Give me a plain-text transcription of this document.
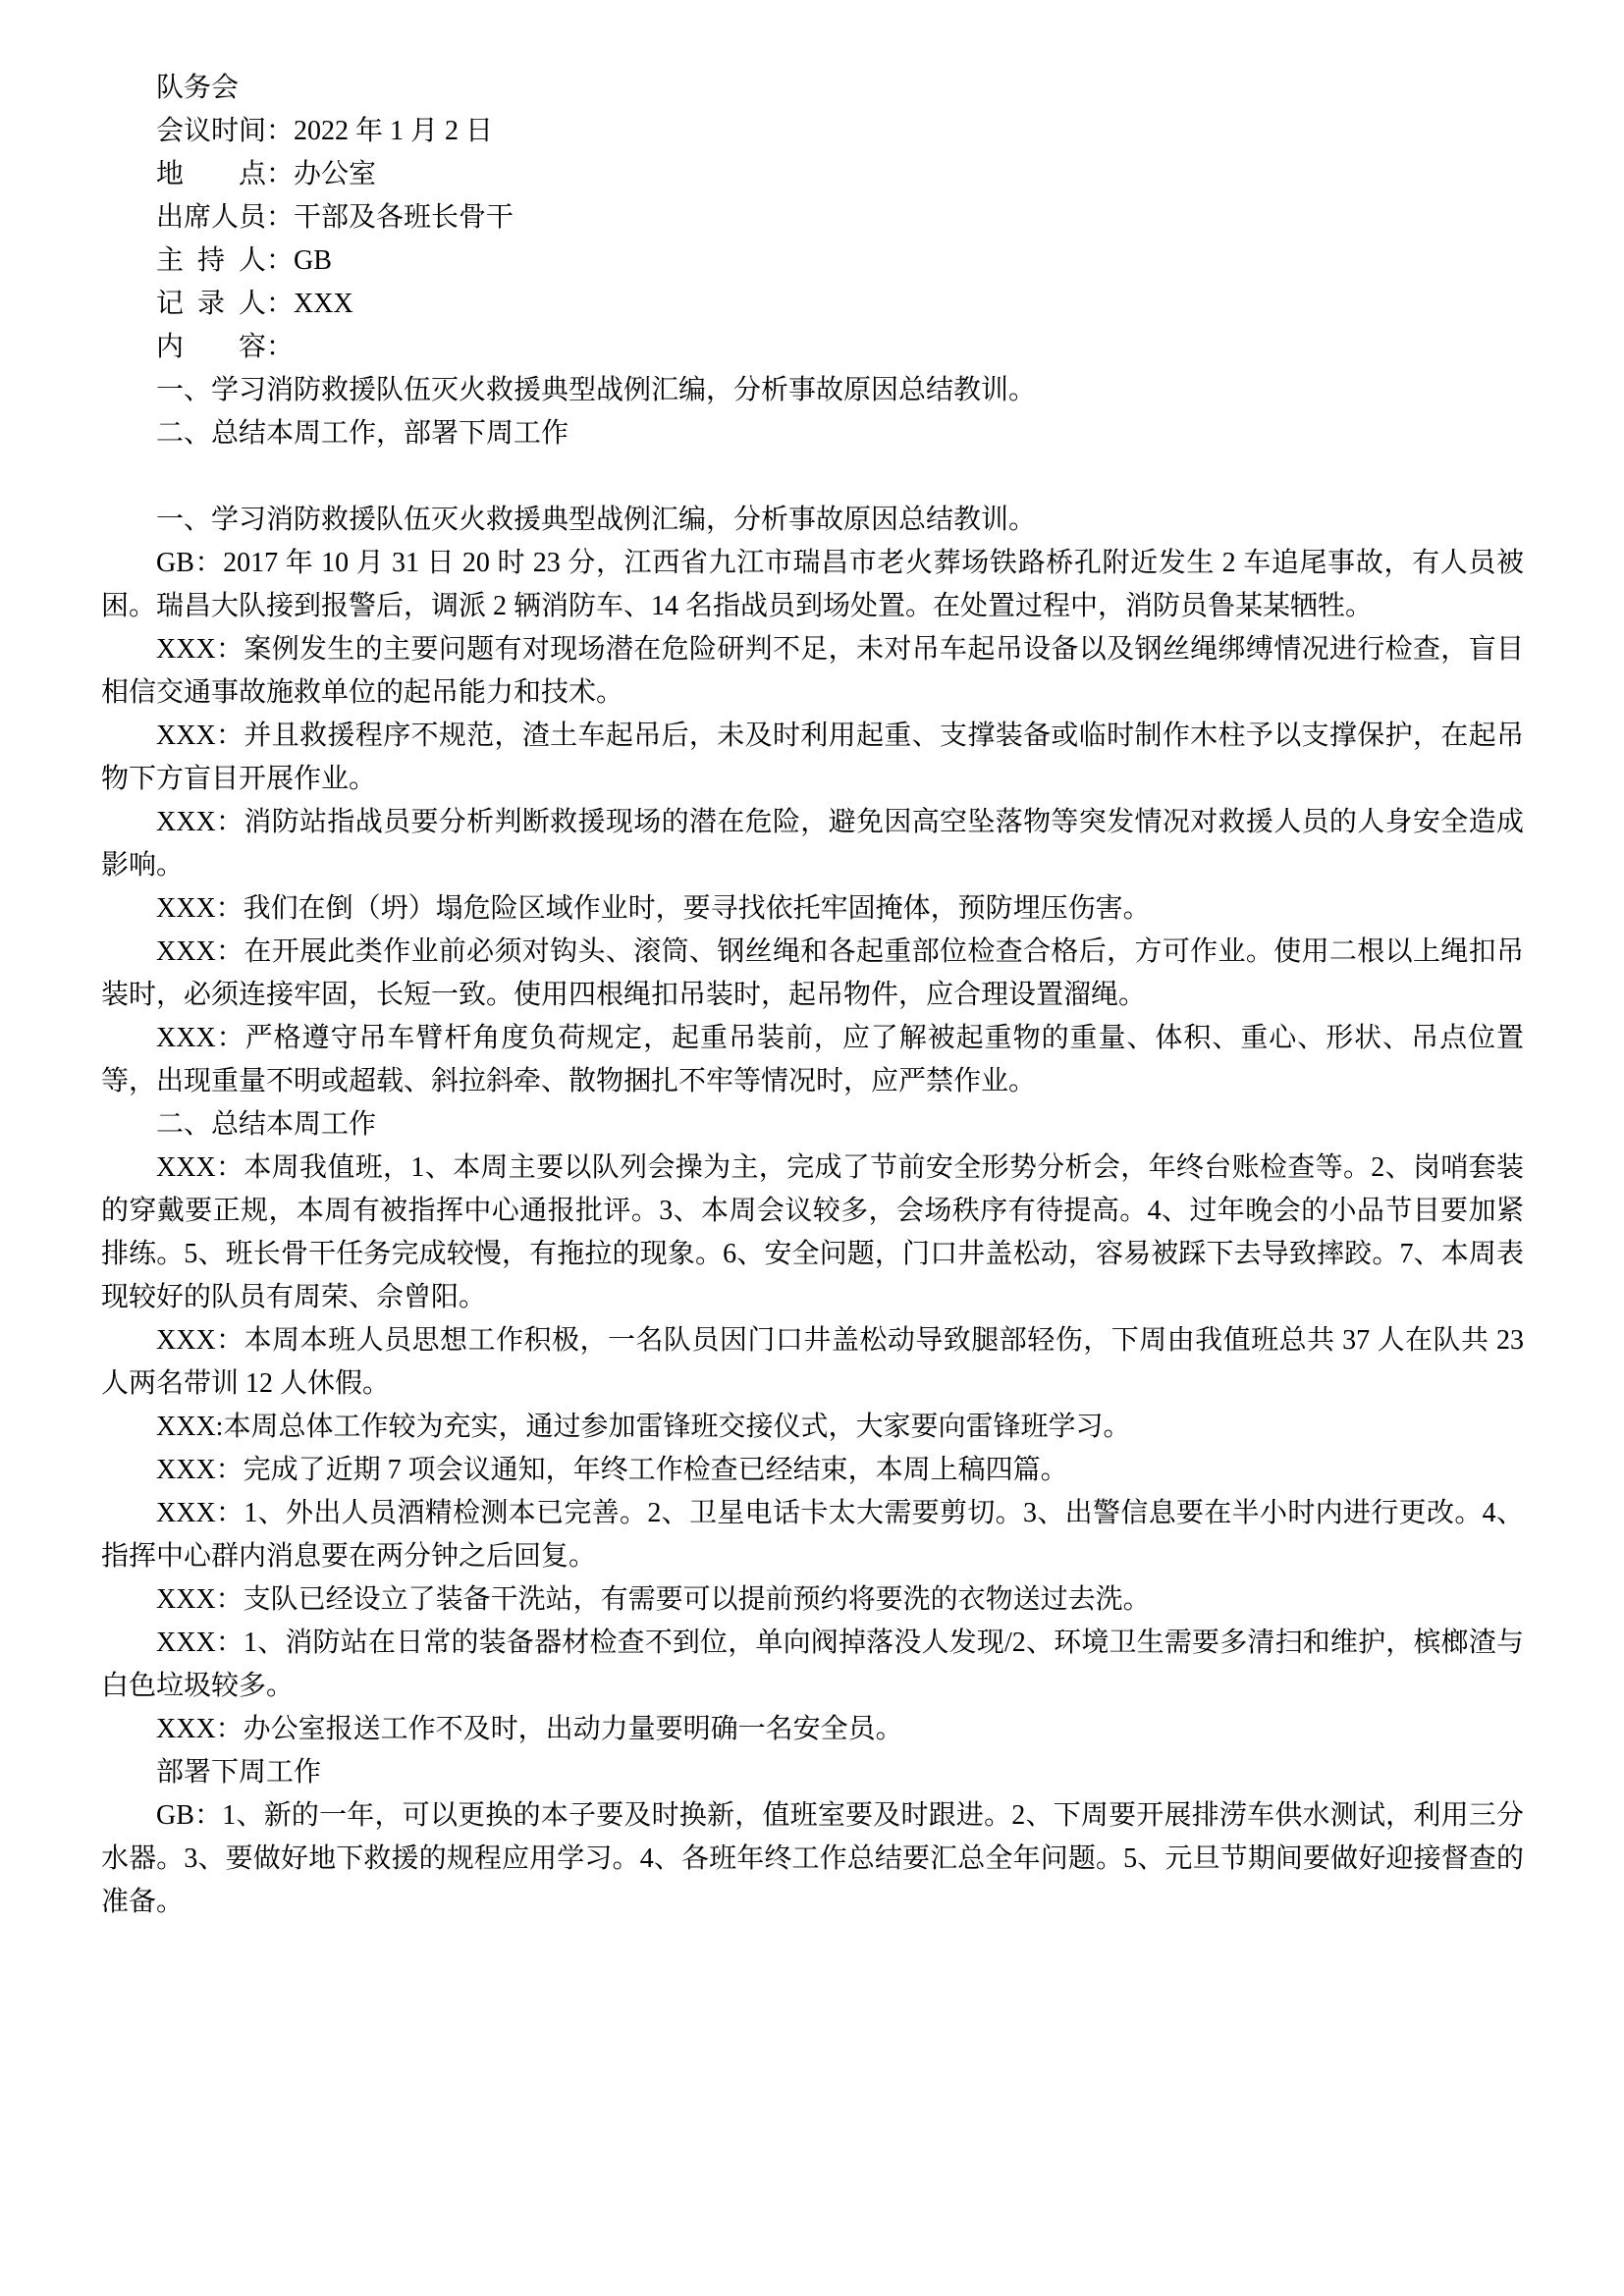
队务会

会议时间：2022 年 1 月 2 日

地  点：办公室

出席人员：干部及各班长骨干

主 持 人：GB

记 录 人：XXX

内  容：

一、学习消防救援队伍灭火救援典型战例汇编，分析事故原因总结教训。

二、总结本周工作，部署下周工作

一、学习消防救援队伍灭火救援典型战例汇编，分析事故原因总结教训。

GB：2017 年 10 月 31 日 20 时 23 分，江西省九江市瑞昌市老火葬场铁路桥孔附近发生 2 车追尾事故，有人员被困。瑞昌大队接到报警后，调派 2 辆消防车、14 名指战员到场处置。在处置过程中，消防员鲁某某牺牲。

XXX：案例发生的主要问题有对现场潜在危险研判不足，未对吊车起吊设备以及钢丝绳绑缚情况进行检查，盲目相信交通事故施救单位的起吊能力和技术。

XXX：并且救援程序不规范，渣土车起吊后，未及时利用起重、支撑装备或临时制作木柱予以支撑保护，在起吊物下方盲目开展作业。

XXX：消防站指战员要分析判断救援现场的潜在危险，避免因高空坠落物等突发情况对救援人员的人身安全造成影响。

XXX：我们在倒（坍）塌危险区域作业时，要寻找依托牢固掩体，预防埋压伤害。

XXX：在开展此类作业前必须对钩头、滚筒、钢丝绳和各起重部位检查合格后，方可作业。使用二根以上绳扣吊装时，必须连接牢固，长短一致。使用四根绳扣吊装时，起吊物件，应合理设置溜绳。

XXX：严格遵守吊车臂杆角度负荷规定，起重吊装前，应了解被起重物的重量、体积、重心、形状、吊点位置等，出现重量不明或超载、斜拉斜牵、散物捆扎不牢等情况时，应严禁作业。

二、总结本周工作

XXX：本周我值班，1、本周主要以队列会操为主，完成了节前安全形势分析会，年终台账检查等。2、岗哨套装的穿戴要正规，本周有被指挥中心通报批评。3、本周会议较多，会场秩序有待提高。4、过年晚会的小品节目要加紧排练。5、班长骨干任务完成较慢，有拖拉的现象。6、安全问题，门口井盖松动，容易被踩下去导致摔跤。7、本周表现较好的队员有周荣、佘曾阳。

XXX：本周本班人员思想工作积极，一名队员因门口井盖松动导致腿部轻伤，下周由我值班总共 37 人在队共 23 人两名带训 12 人休假。

XXX:本周总体工作较为充实，通过参加雷锋班交接仪式，大家要向雷锋班学习。

XXX：完成了近期 7 项会议通知，年终工作检查已经结束，本周上稿四篇。

XXX：1、外出人员酒精检测本已完善。2、卫星电话卡太大需要剪切。3、出警信息要在半小时内进行更改。4、指挥中心群内消息要在两分钟之后回复。

XXX：支队已经设立了装备干洗站，有需要可以提前预约将要洗的衣物送过去洗。

XXX：1、消防站在日常的装备器材检查不到位，单向阀掉落没人发现/2、环境卫生需要多清扫和维护，槟榔渣与白色垃圾较多。

XXX：办公室报送工作不及时，出动力量要明确一名安全员。

部署下周工作

GB：1、新的一年，可以更换的本子要及时换新，值班室要及时跟进。2、下周要开展排涝车供水测试，利用三分水器。3、要做好地下救援的规程应用学习。4、各班年终工作总结要汇总全年问题。5、元旦节期间要做好迎接督查的准备。
